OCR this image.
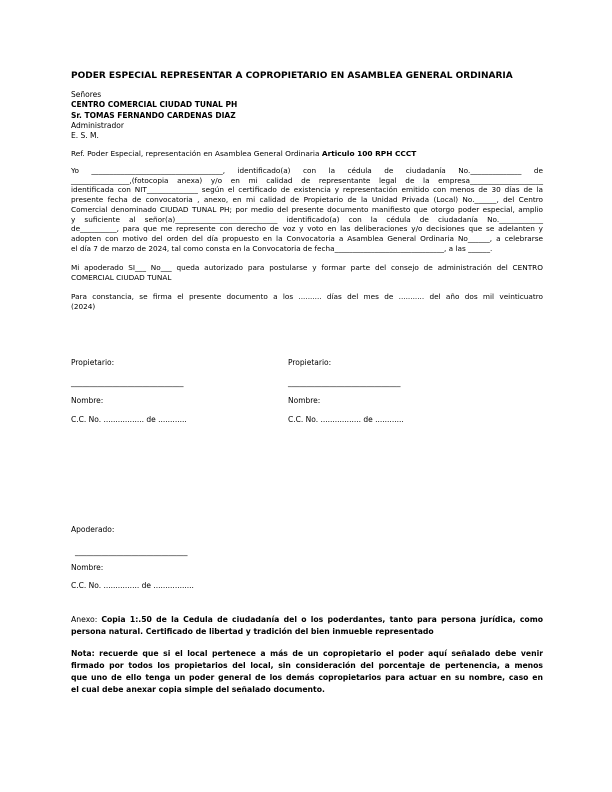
PODER ESPECIAL REPRESENTAR A COPROPIETARIO EN ASAMBLEA GENERAL ORDINARIA
Señores
CENTRO COMERCIAL CIUDAD TUNAL PH
Sr. TOMAS FERNANDO CARDENAS DIAZ
Administrador
E. S. M.
Ref. Poder Especial, representación en Asamblea General Ordinaria Articulo 100 RPH CCCT
Yo ____________________________________, identificado(a) con la cédula de ciudadanía No.______________ de
________________,(fotocopia anexa) y/o en mi calidad de representante legal de la empresa____________________
identificada con NIT______________ según el certificado de existencia y representación emitido con menos de 30 días de la
presente fecha de convocatoria , anexo, en mi calidad de Propietario de la Unidad Privada (Local) No.______, del Centro
Comercial denominado CIUDAD TUNAL PH; por medio del presente documento manifiesto que otorgo poder especial, amplio
y suficiente al señor(a)____________________________ identificado(a) con la cédula de ciudadanía No.____________
de__________, para que me represente con derecho de voz y voto en las deliberaciones y/o decisiones que se adelanten y
adopten con motivo del orden del día propuesto en la Convocatoria a Asamblea General Ordinaria No______, a celebrarse
el día 7 de marzo de 2024, tal como consta en la Convocatoria de fecha______________________________, a las ______.
Mi apoderado SI___ No___ queda autorizado para postularse y formar parte del consejo de administración del CENTRO
COMERCIAL CIUDAD TUNAL
Para constancia, se firma el presente documento a los .......... días del mes de ........... del año dos mil veinticuatro
(2024)
Propietario:
______________________________
Nombre:
C.C. No. ................. de ............
Propietario:
______________________________
Nombre:
C.C. No. ................. de ............
Apoderado:
______________________________
Nombre:
C.C. No. ............... de .................
Anexo: Copia 1:.50 de la Cedula de ciudadanía del o los poderdantes, tanto para persona jurídica, como
persona natural. Certificado de libertad y tradición del bien inmueble representado
Nota: recuerde que si el local pertenece a más de un copropietario el poder aquí señalado debe venir
firmado por todos los propietarios del local, sin consideración del porcentaje de pertenencia, a menos
que uno de ello tenga un poder general de los demás copropietarios para actuar en su nombre, caso en
el cual debe anexar copia simple del señalado documento.
